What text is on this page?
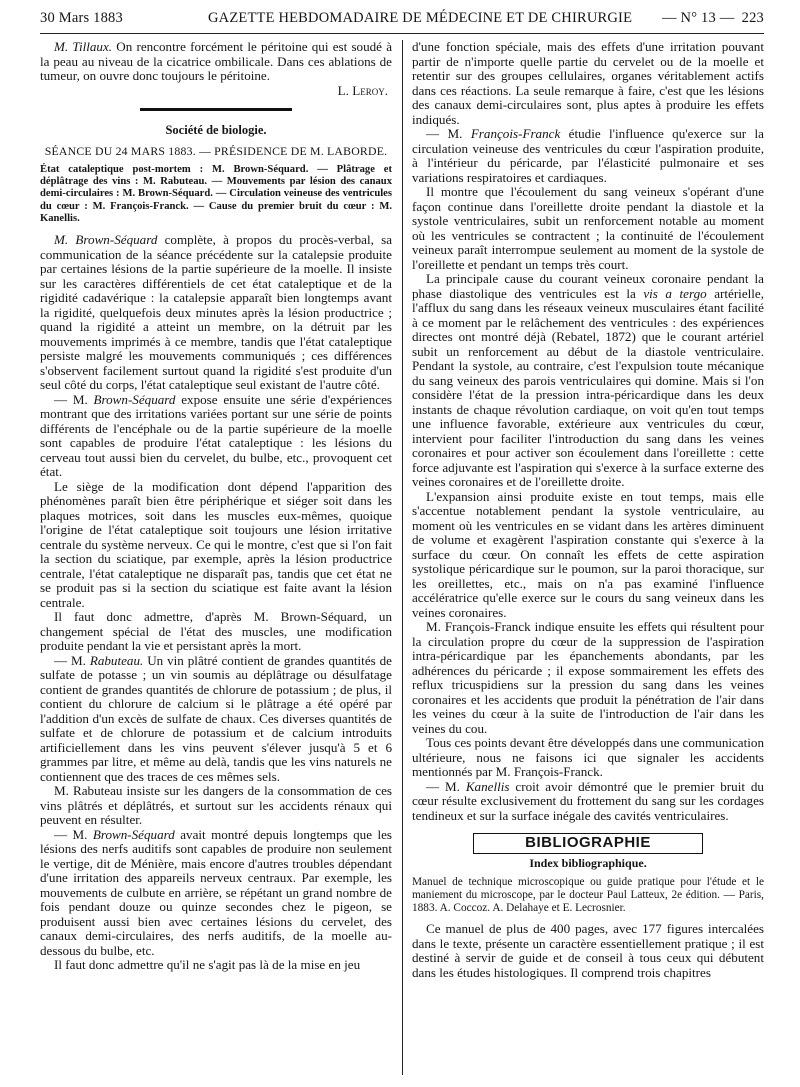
30 Mars 1883	GAZETTE HEBDOMADAIRE DE MÉDECINE ET DE CHIRURGIE — N° 13 — 223

M. Tillaux. On rencontre forcément le péritoine qui est soudé à la peau au niveau de la cicatrice ombilicale. Dans ces ablations de tumeur, on ouvre donc toujours le péritoine.

L. Leroy.

Société de biologie.
SÉANCE DU 24 MARS 1883. — PRÉSIDENCE DE M. LABORDE.
État cataleptique post-mortem : M. Brown-Séquard. — Plâtrage et déplâtrage des vins : M. Rabuteau. — Mouvements par lésion des canaux demi-circulaires : M. Brown-Séquard. — Circulation veineuse des ventricules du cœur : M. François-Franck. — Cause du premier bruit du cœur : M. Kanellis.

M. Brown-Séquard complète, à propos du procès-verbal, sa communication de la séance précédente sur la catalepsie produite par certaines lésions de la partie supérieure de la moelle. Il insiste sur les caractères différentiels de cet état cataleptique et de la rigidité cadavérique : la catalepsie apparaît bien longtemps avant la rigidité, quelquefois deux minutes après la lésion productrice ; quand la rigidité a atteint un membre, on la détruit par les mouvements imprimés à ce membre, tandis que l'état cataleptique persiste malgré les mouvements communiqués ; ces différences s'observent facilement surtout quand la rigidité s'est produite d'un seul côté du corps, l'état cataleptique seul existant de l'autre côté.

— M. Brown-Séquard expose ensuite une série d'expériences montrant que des irritations variées portant sur une série de points différents de l'encéphale ou de la partie supérieure de la moelle sont capables de produire l'état cataleptique : les lésions du cerveau tout aussi bien du cervelet, du bulbe, etc., provoquent cet état.

Le siège de la modification dont dépend l'apparition des phénomènes paraît bien être périphérique et siéger soit dans les plaques motrices, soit dans les muscles eux-mêmes, quoique l'origine de l'état cataleptique soit toujours une lésion irritative centrale du système nerveux. Ce qui le montre, c'est que si l'on fait la section du sciatique, par exemple, après la lésion productrice centrale, l'état cataleptique ne disparaît pas, tandis que cet état ne se produit pas si la section du sciatique est faite avant la lésion centrale.

Il faut donc admettre, d'après M. Brown-Séquard, un changement spécial de l'état des muscles, une modification produite pendant la vie et persistant après la mort.

— M. Rabuteau. Un vin plâtré contient de grandes quantités de sulfate de potasse ; un vin soumis au déplâtrage ou désulfatage contient de grandes quantités de chlorure de potassium ; de plus, il contient du chlorure de calcium si le plâtrage a été opéré par l'addition d'un excès de sulfate de chaux. Ces diverses quantités de sulfate et de chlorure de potassium et de calcium introduits artificiellement dans les vins peuvent s'élever jusqu'à 5 et 6 grammes par litre, et même au delà, tandis que les vins naturels ne contiennent que des traces de ces mêmes sels.

M. Rabuteau insiste sur les dangers de la consommation de ces vins plâtrés et déplâtrés, et surtout sur les accidents rénaux qui peuvent en résulter.

— M. Brown-Séquard avait montré depuis longtemps que les lésions des nerfs auditifs sont capables de produire non seulement le vertige, dit de Ménière, mais encore d'autres troubles dépendant d'une irritation des appareils nerveux centraux. Par exemple, les mouvements de culbute en arrière, se répétant un grand nombre de fois pendant douze ou quinze secondes chez le pigeon, se produisent aussi bien avec certaines lésions du cervelet, des canaux demi-circulaires, des nerfs auditifs, de la moelle au-dessous du bulbe, etc.

Il faut donc admettre qu'il ne s'agit pas là de la mise en jeu

d'une fonction spéciale, mais des effets d'une irritation pouvant partir de n'importe quelle partie du cervelet ou de la moelle et retentir sur des groupes cellulaires, organes véritablement actifs dans ces réactions. La seule remarque à faire, c'est que les lésions des canaux demi-circulaires sont, plus aptes à produire les effets indiqués.

— M. François-Franck étudie l'influence qu'exerce sur la circulation veineuse des ventricules du cœur l'aspiration produite, à l'intérieur du péricarde, par l'élasticité pulmonaire et ses variations respiratoires et cardiaques.

Il montre que l'écoulement du sang veineux s'opérant d'une façon continue dans l'oreillette droite pendant la diastole et la systole ventriculaires, subit un renforcement notable au moment où les ventricules se contractent ; la continuité de l'écoulement veineux paraît interrompue seulement au moment de la systole de l'oreillette et pendant un temps très court.

La principale cause du courant veineux coronaire pendant la phase diastolique des ventricules est la vis a tergo artérielle, l'afflux du sang dans les réseaux veineux musculaires étant facilité à ce moment par le relâchement des ventricules : des expériences directes ont montré déjà (Rebatel, 1872) que le courant artériel subit un renforcement au début de la diastole ventriculaire. Pendant la systole, au contraire, c'est l'expulsion toute mécanique du sang veineux des parois ventriculaires qui domine. Mais si l'on considère l'état de la pression intra-péricardique dans les deux instants de chaque révolution cardiaque, on voit qu'en tout temps une influence favorable, extérieure aux ventricules du cœur, intervient pour faciliter l'introduction du sang dans les veines coronaires et pour activer son écoulement dans l'oreillette : cette force adjuvante est l'aspiration qui s'exerce à la surface externe des veines coronaires et de l'oreillette droite.

L'expansion ainsi produite existe en tout temps, mais elle s'accentue notablement pendant la systole ventriculaire, au moment où les ventricules en se vidant dans les artères diminuent de volume et exagèrent l'aspiration constante qui s'exerce à la surface du cœur. On connaît les effets de cette aspiration systolique péricardique sur le poumon, sur la paroi thoracique, sur les oreillettes, etc., mais on n'a pas examiné l'influence accélératrice qu'elle exerce sur le cours du sang veineux dans les veines coronaires.

M. François-Franck indique ensuite les effets qui résultent pour la circulation propre du cœur de la suppression de l'aspiration intra-péricardique par les épanchements abondants, par les adhérences du péricarde ; il expose sommairement les effets des reflux tricuspidiens sur la pression du sang dans les veines coronaires et les accidents que produit la pénétration de l'air dans les veines du cœur à la suite de l'introduction de l'air dans les veines du cou.

Tous ces points devant être développés dans une communication ultérieure, nous ne faisons ici que signaler les accidents mentionnés par M. François-Franck.

— M. Kanellis croit avoir démontré que le premier bruit du cœur résulte exclusivement du frottement du sang sur les cordages tendineux et sur la surface inégale des cavités ventriculaires.

BIBLIOGRAPHIE
Index bibliographique.
Manuel de technique microscopique ou guide pratique pour l'étude et le maniement du microscope, par le docteur Paul Latteux, 2e édition. — Paris, 1883. A. Coccoz. A. Delahaye et E. Lecrosnier.

Ce manuel de plus de 400 pages, avec 177 figures intercalées dans le texte, présente un caractère essentiellement pratique ; il est destiné à servir de guide et de conseil à tous ceux qui débutent dans les études histologiques. Il comprend trois chapitres
